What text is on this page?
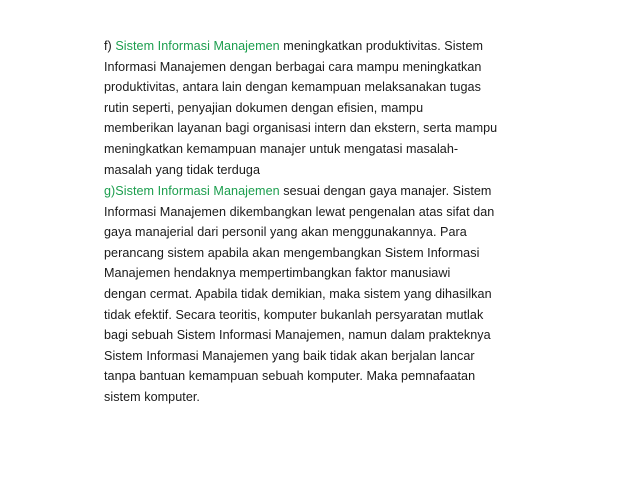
f) Sistem Informasi Manajemen meningkatkan produktivitas. Sistem
Informasi Manajemen dengan berbagai cara mampu meningkatkan
produktivitas, antara lain dengan kemampuan melaksanakan tugas
rutin seperti, penyajian dokumen dengan efisien, mampu
memberikan layanan bagi organisasi intern dan ekstern, serta mampu
meningkatkan kemampuan manajer untuk mengatasi masalah-
masalah yang tidak terduga
g)Sistem Informasi Manajemen sesuai dengan gaya manajer. Sistem
Informasi Manajemen dikembangkan lewat pengenalan atas sifat dan
gaya manajerial dari personil yang akan menggunakannya. Para
perancang sistem apabila akan mengembangkan Sistem Informasi
Manajemen hendaknya mempertimbangkan faktor manusiawi
dengan cermat. Apabila tidak demikian, maka sistem yang dihasilkan
tidak efektif. Secara teoritis, komputer bukanlah persyaratan mutlak
bagi sebuah Sistem Informasi Manajemen, namun dalam prakteknya
Sistem Informasi Manajemen yang baik tidak akan berjalan lancar
tanpa bantuan kemampuan sebuah komputer. Maka pemnafaatan
sistem komputer.
